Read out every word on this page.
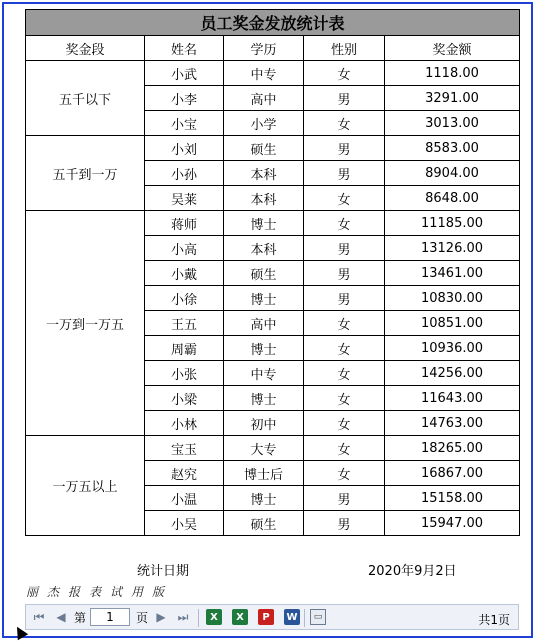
员工奖金发放统计表				
奖金段	姓名	学历	性别	奖金额
五千以下	小武	中专	女	1118.00
	小李	高中	男	3291.00
	小宝	小学	女	3013.00
五千到一万	小刘	硕生	男	8583.00
	小孙	本科	男	8904.00
	吴莱	本科	女	8648.00
一万到一万五	蒋师	博士	女	11185.00
	小高	本科	男	13126.00
	小戴	硕生	男	13461.00
	小徐	博士	男	10830.00
	王五	高中	女	10851.00
	周霸	博士	女	10936.00
	小张	中专	女	14256.00
	小梁	博士	女	11643.00
	小林	初中	女	14763.00
一万五以上	宝玉	大专	女	18265.00
	赵究	博士后	女	16867.00
	小温	博士	男	15158.00
	小吴	硕生	男	15947.00
统计日期	2020年9月2日
丽杰报表试用版
⏮ ◀ 第
1	页 ▶ ⏭	X	X	P	W	▭	共1页
